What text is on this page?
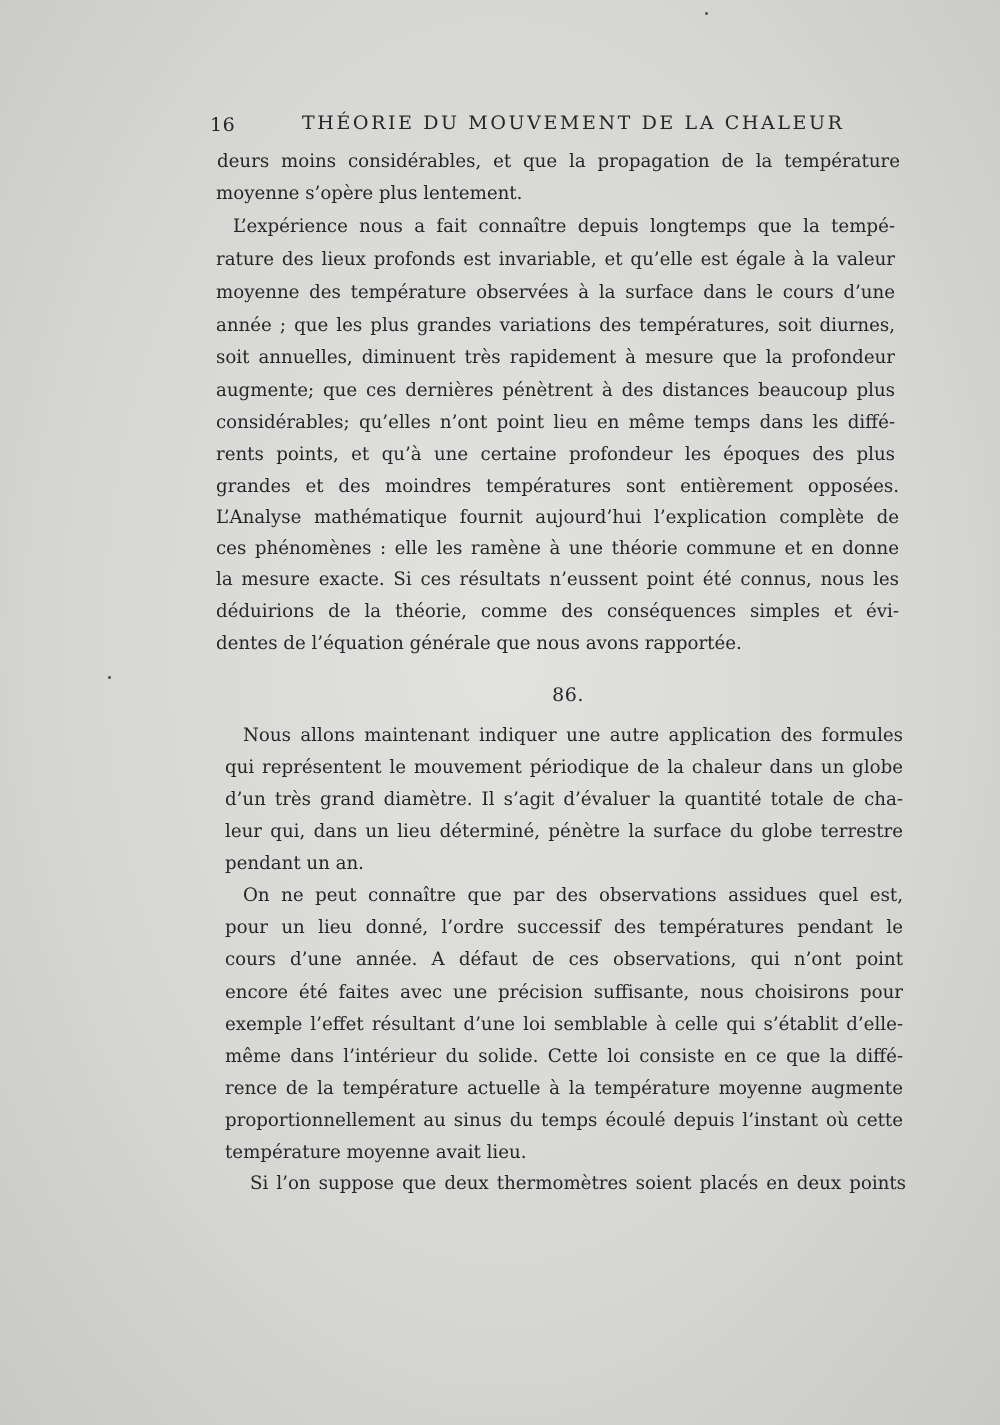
16	THÉORIE DU MOUVEMENT DE LA CHALEUR
deurs moins considérables, et que la propagation de la température
moyenne s’opère plus lentement.
L’expérience nous a fait connaître depuis longtemps que la tempé-
rature des lieux profonds est invariable, et qu’elle est égale à la valeur
moyenne des température observées à la surface dans le cours d’une
année ; que les plus grandes variations des températures, soit diurnes,
soit annuelles, diminuent très rapidement à mesure que la profondeur
augmente; que ces dernières pénètrent à des distances beaucoup plus
considérables; qu’elles n’ont point lieu en même temps dans les diffé-
rents points, et qu’à une certaine profondeur les époques des plus
grandes et des moindres températures sont entièrement opposées.
L’Analyse mathématique fournit aujourd’hui l’explication complète de
ces phénomènes : elle les ramène à une théorie commune et en donne
la mesure exacte. Si ces résultats n’eussent point été connus, nous les
déduirions de la théorie, comme des conséquences simples et évi-
dentes de l’équation générale que nous avons rapportée.
86.
Nous allons maintenant indiquer une autre application des formules
qui représentent le mouvement périodique de la chaleur dans un globe
d’un très grand diamètre. Il s’agit d’évaluer la quantité totale de cha-
leur qui, dans un lieu déterminé, pénètre la surface du globe terrestre
pendant un an.
On ne peut connaître que par des observations assidues quel est,
pour un lieu donné, l’ordre successif des températures pendant le
cours d’une année. A défaut de ces observations, qui n’ont point
encore été faites avec une précision suffisante, nous choisirons pour
exemple l’effet résultant d’une loi semblable à celle qui s’établit d’elle-
même dans l’intérieur du solide. Cette loi consiste en ce que la diffé-
rence de la température actuelle à la température moyenne augmente
proportionnellement au sinus du temps écoulé depuis l’instant où cette
température moyenne avait lieu.
Si l’on suppose que deux thermomètres soient placés en deux points
